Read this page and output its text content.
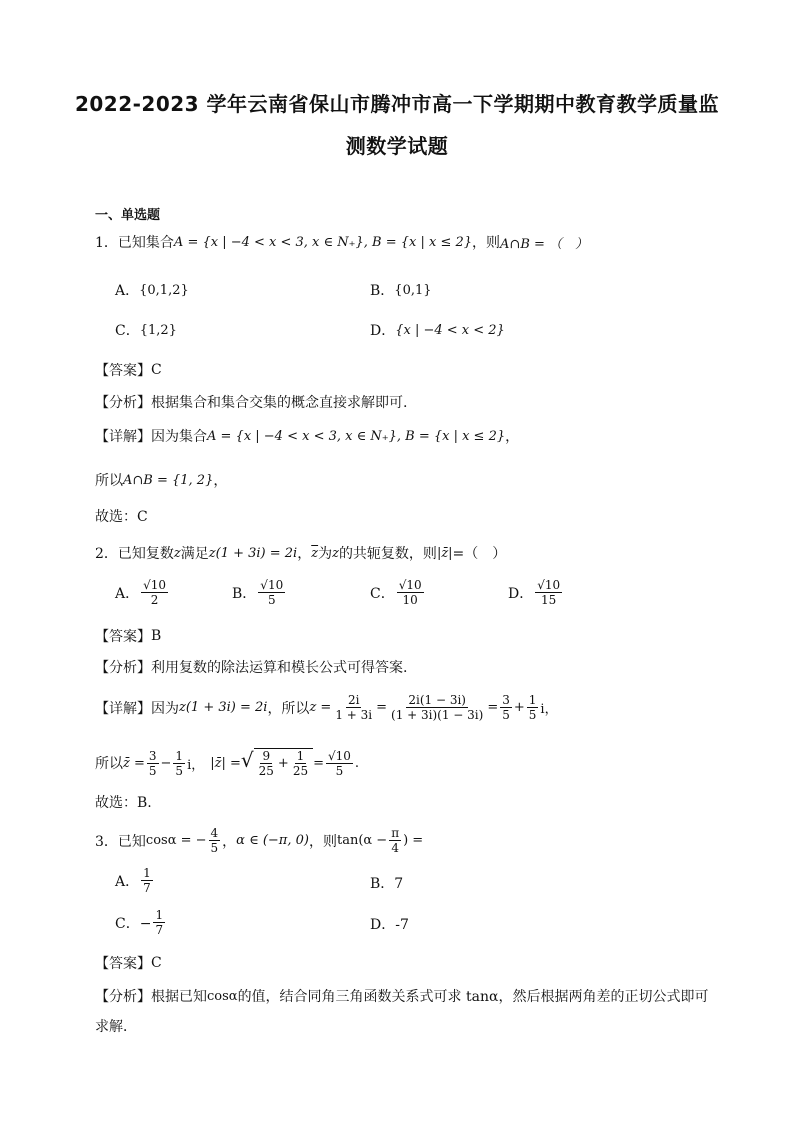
2022-2023 学年云南省保山市腾冲市高一下学期期中教育教学质量监
测数学试题
一、单选题
1．已知集合 A = {x | −4 < x < 3, x ∈ N₊}, B = {x | x ≤ 2} ，则 A∩B = （　）
A． {0,1,2}	B． {0,1}
C． {1,2}	D． {x | −4 < x < 2}
【答案】 C
【分析】 根据集合和集合交集的概念直接求解即可.
【详解】 因为集合 A = {x | −4 < x < 3, x ∈ N₊}, B = {x | x ≤ 2} ，
所以 A∩B = {1, 2} ，
故选：C
2．已知复数 z 满足 z(1 + 3i) = 2i ， $\overline{z}$ 为 z 的共轭复数，则 |z̄| =（　）
A． $\frac{√10}{2}$	B． $\frac{√10}{5}$	C． $\frac{√10}{10}$	D． $\frac{√10}{15}$
【答案】 B
【分析】 利用复数的除法运算和模长公式可得答案.
【详解】 因为 z(1 + 3i) = 2i ，所以 $z = \frac{2i}{1 + 3i} = \frac{2i(1 - 3i)}{(1 + 3i)(1 - 3i)} = \frac{3}{5} + \frac{1}{5}$ i，
所以 z̄ = $\frac{3}{5} - \frac{1}{5}$ i， |z̄| = √ $\frac{9}{25} + \frac{1}{25} = \frac{√10}{5}$ .
故选：B.
3．已知 cosα = − $\frac{4}{5}$ ， α ∈ (−π, 0) ，则 $\tan(\alpha - \frac{\pi}{4}$ ) =
A． $\frac{1}{7}$	B．7
C．− $\frac{1}{7}$	D．-7
【答案】 C
【分析】 根据已知 cosα 的值，结合同角三角函数关系式可求 tanα，然后根据两角差的正切公式即可
求解．
